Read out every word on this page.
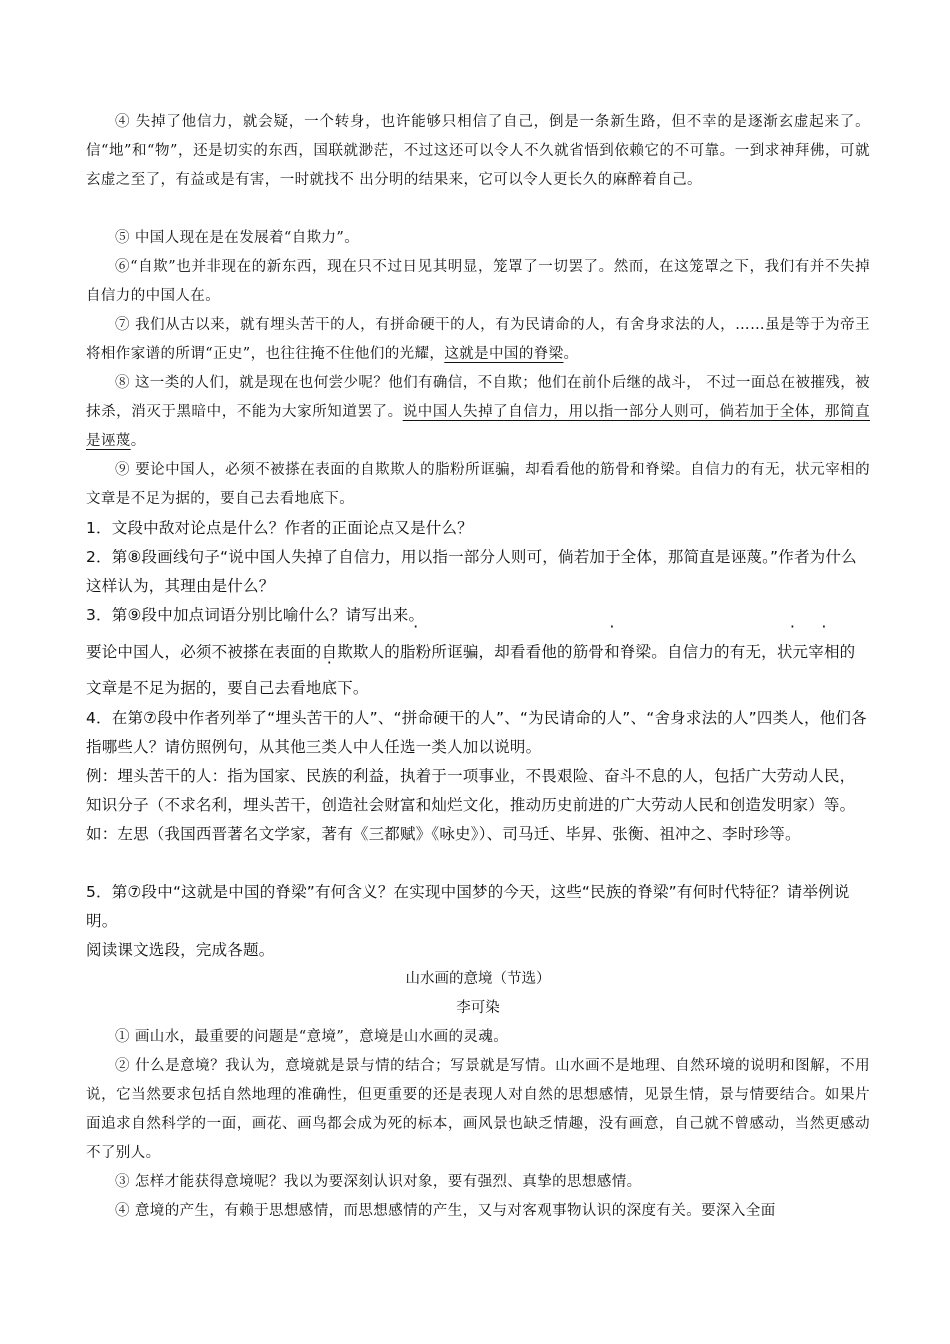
④ 失掉了他信力，就会疑，一个转身，也许能够只相信了自己，倒是一条新生路，但不幸的是逐渐玄虚起来了。信“地”和“物”，还是切实的东西，国联就渺茫，不过这还可以令人不久就省悟到依赖它的不可靠。一到求神拜佛，可就玄虚之至了，有益或是有害，一时就找不 出分明的结果来，它可以令人更长久的麻醉着自己。
⑤ 中国人现在是在发展着“自欺力”。
⑥“自欺”也并非现在的新东西，现在只不过日见其明显，笼罩了一切罢了。然而，在这笼罩之下，我们有并不失掉自信力的中国人在。
⑦ 我们从古以来，就有埋头苦干的人，有拼命硬干的人，有为民请命的人，有舍身求法的人，……虽是等于为帝王将相作家谱的所谓“正史”，也往往掩不住他们的光耀，这就是中国的脊梁。
⑧ 这一类的人们，就是现在也何尝少呢？他们有确信，不自欺；他们在前仆后继的战斗， 不过一面总在被摧残，被抹杀，消灭于黑暗中，不能为大家所知道罢了。说中国人失掉了自信力，用以指一部分人则可，倘若加于全体，那简直是诬蔑。
⑨ 要论中国人，必须不被搽在表面的自欺欺人的脂粉所诓骗，却看看他的筋骨和脊梁。自信力的有无，状元宰相的文章是不足为据的，要自己去看地底下。
1．文段中敌对论点是什么？作者的正面论点又是什么？
2．第⑧段画线句子“说中国人失掉了自信力，用以指一部分人则可，倘若加于全体，那简直是诬蔑。”作者为什么这样认为，其理由是什么？
3．第⑨段中加点词语分别比喻什么？请写出来。
要论中国人，必须不被搽在表面的自欺欺人的脂粉所诓骗，却看看他的· 筋骨和脊梁。自信力的有无，状元宰相的文章是不足为据的，要自己去看地底下。
4．在第⑦段中作者列举了“埋头苦干的人”、“拼命硬干的人”、“为民请命的人”、“舍身求法的人”四类人，他们各指哪些人？请仿照例句，从其他三类人中人任选一类人加以说明。
例：埋头苦干的人：指为国家、民族的利益，执着于一项事业，不畏艰险、奋斗不息的人，包括广大劳动人民，知识分子（不求名利，埋头苦干，创造社会财富和灿烂文化，推动历史前进的广大劳动人民和创造发明家）等。如：左思（我国西晋著名文学家，著有《三都赋》《咏史》）、司马迁、毕昇、张衡、祖冲之、李时珍等。
5．第⑦段中“这就是中国的脊梁”有何含义？在实现中国梦的今天，这些“民族的脊梁”有何时代特征？请举例说明。
阅读课文选段，完成各题。
山水画的意境（节选）
李可染
① 画山水，最重要的问题是“意境”，意境是山水画的灵魂。
② 什么是意境？我认为，意境就是景与情的结合；写景就是写情。山水画不是地理、自然环境的说明和图解，不用说，它当然要求包括自然地理的准确性，但更重要的还是表现人对自然的思想感情，见景生情，景与情要结合。如果片面追求自然科学的一面，画花、画鸟都会成为死的标本，画风景也缺乏情趣，没有画意，自己就不曾感动，当然更感动不了别人。
③ 怎样才能获得意境呢？我以为要深刻认识对象，要有强烈、真挚的思想感情。
④ 意境的产生，有赖于思想感情，而思想感情的产生，又与对客观事物认识的深度有关。要深入全面
